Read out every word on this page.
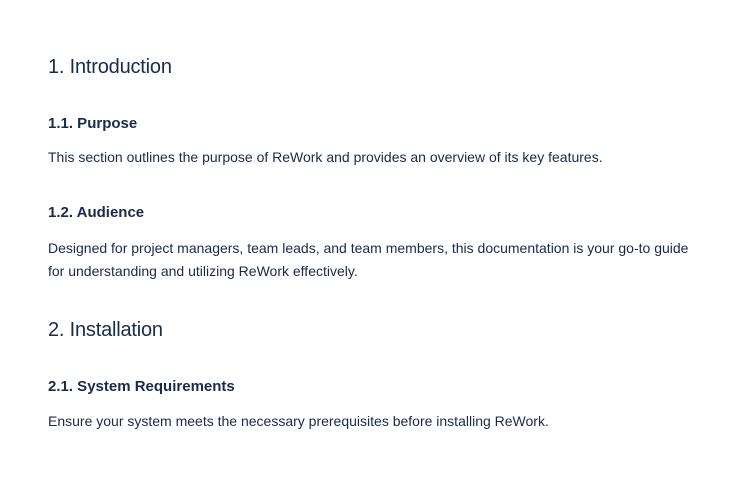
1. Introduction
1.1. Purpose

This section outlines the purpose of ReWork and provides an overview of its key features.

1.2. Audience

Designed for project managers, team leads, and team members, this documentation is your go-to guide
for understanding and utilizing ReWork effectively.

2. Installation
2.1. System Requirements

Ensure your system meets the necessary prerequisites before installing ReWork.
